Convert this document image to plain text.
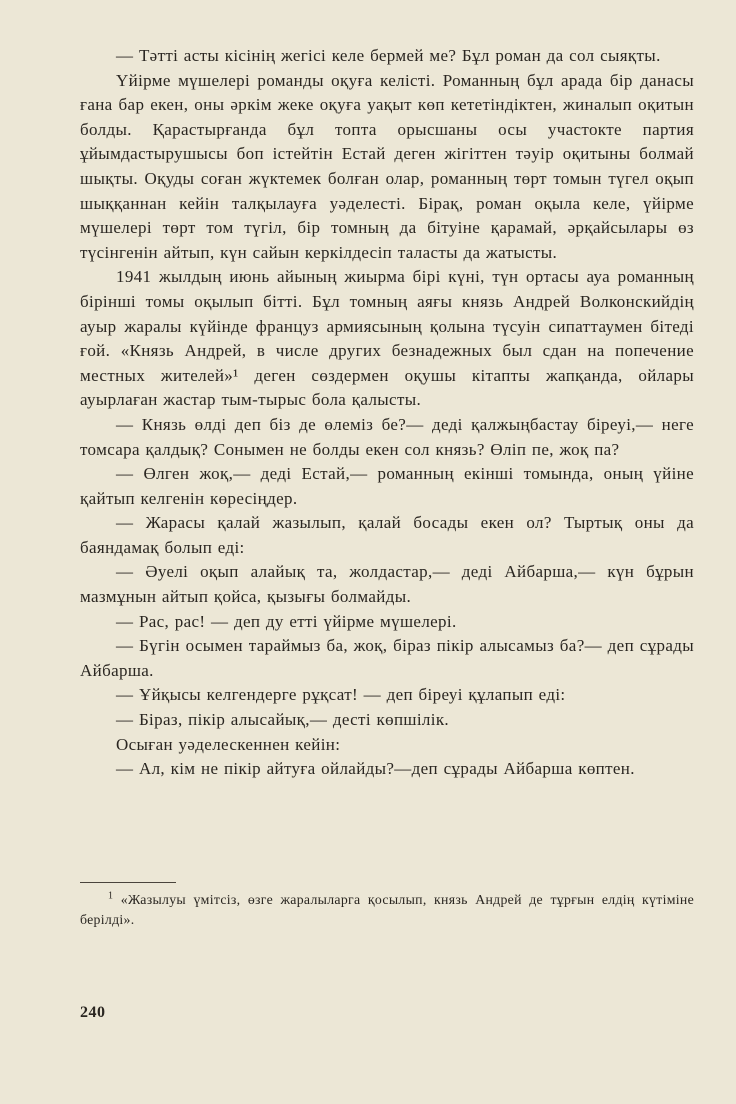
— Тәтті асты кісінің жегісі келе бермей ме? Бұл роман да сол сыяқты.

Үйірме мүшелері романды оқуға келісті. Романның бұл арада бір данасы ғана бар екен, оны әркім жеке оқуға уақыт көп кететіндіктен, жиналып оқитын болды. Қарастырғанда бұл топта орысшаны осы участокте партия ұйымдастырушысы боп істейтін Естай деген жігіттен тәуір оқитыны болмай шықты. Оқуды соған жүктемек болған олар, романның төрт томын түгел оқып шыққаннан кейін талқылауға уәделесті. Бірақ, роман оқыла келе, үйірме мүшелері төрт том түгіл, бір томның да бітуіне қарамай, әрқайсылары өз түсінгенін айтып, күн сайын керкілдесіп таласты да жатысты.

1941 жылдың июнь айының жиырма бірі күні, түн ортасы ауа романның бірінші томы оқылып бітті. Бұл томның аяғы князь Андрей Волконскийдің ауыр жаралы күйінде француз армиясының қолына түсуін сипаттаумен бітеді ғой. «Князь Андрей, в числе других безнадежных был сдан на попечение местных жителей»¹ деген сөздермен оқушы кітапты жапқанда, ойлары ауырлаған жастар тым-тырыс бола қалысты.

— Князь өлді деп біз де өлеміз бе?— деді қалжыңбастау біреуі,— неге томсара қалдық? Сонымен не болды екен сол князь? Өліп пе, жоқ па?

— Өлген жоқ,— деді Естай,— романның екінші томында, оның үйіне қайтып келгенін көресіңдер.

— Жарасы қалай жазылып, қалай босады екен ол? Тыртық оны да баяндамақ болып еді:

— Әуелі оқып алайық та, жолдастар,— деді Айбарша,— күн бұрын мазмұнын айтып қойса, қызығы болмайды.

— Рас, рас! — деп ду етті үйірме мүшелері.

— Бүгін осымен тараймыз ба, жоқ, біраз пікір алысамыз ба?— деп сұрады Айбарша.

— Ұйқысы келгендерге рұқсат! — деп біреуі құлапып еді:

— Біраз, пікір алысайық,— десті көпшілік.

Осыған уәделескеннен кейін:

— Ал, кім не пікір айтуға ойлайды?—деп сұрады Айбарша көптен.

$^1$ «Жазылуы үмітсіз, өзге жаралыларга қосылып, князь Андрей де тұрғын елдің күтіміне берілді».

240
